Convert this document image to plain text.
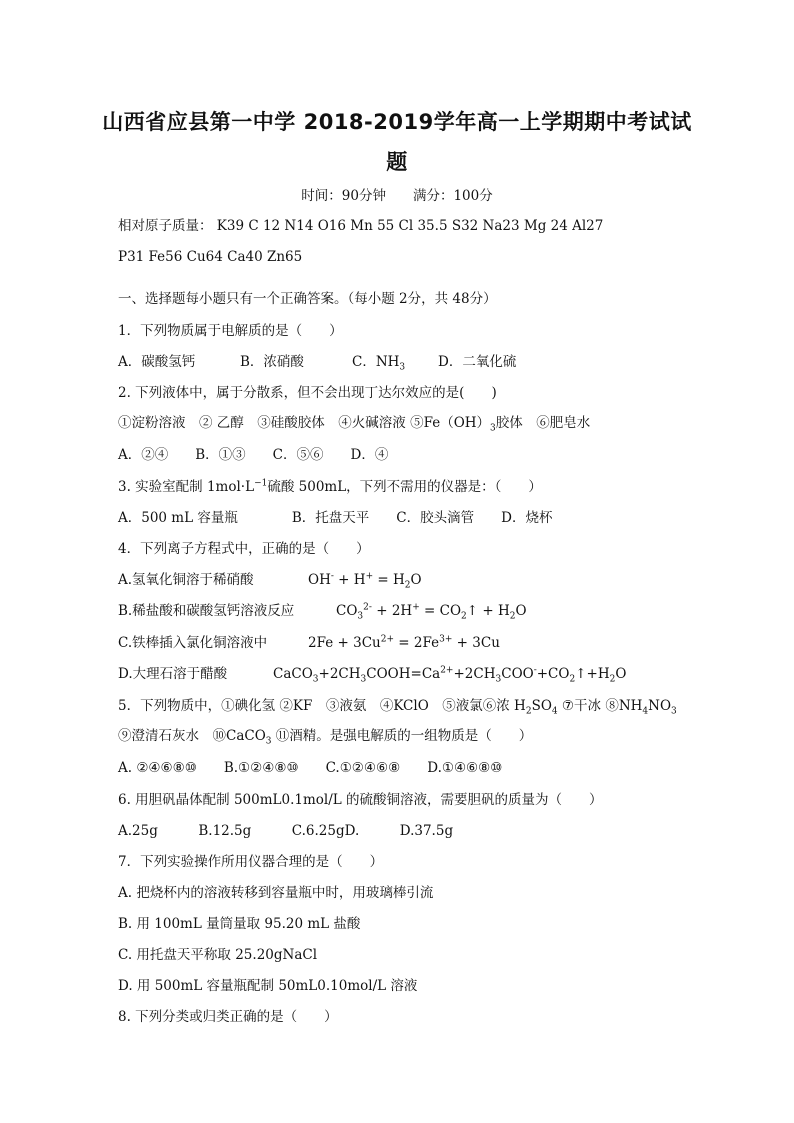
山西省应县第一中学 2018-2019学年高一上学期期中考试试
题
时间：90分钟　　满分：100分
相对原子质量： K39 C 12 N14 O16 Mn 55 Cl 35.5 S32 Na23 Mg 24 Al27
P31 Fe56 Cu64 Ca40 Zn65
一、选择题每小题只有一个正确答案。（每小题 2分，共 48分）
1．下列物质属于电解质的是（　　）
A．碳酸氢钙	B．浓硝酸	C．$NH_3$ D．二氧化硫
2. 下列液体中，属于分散系，但不会出现丁达尔效应的是(　　)
①淀粉溶液　② 乙醇　③硅酸胶体　④火碱溶液 $⑤Fe(OH)_3$胶体　⑥肥皂水
A．②④　　B．①③　　C．⑤⑥　　D．④
3. 实验室配制 $1mol\cdot L^{-1}$硫酸 500mL，下列不需用的仪器是：（　　）
A．500 mL 容量瓶　　　　B．托盘天平　　C．胶头滴管　　D．烧杯
4．下列离子方程式中，正确的是（　　）
A.氢氧化铜溶于稀硝酸	$OH^- + H^+ = H_2O$
B.稀盐酸和碳酸氢钙溶液反应	$CO_3^{2-} + 2H^+$ = $CO_2↑ + H_2O$
C.铁棒插入氯化铜溶液中	$2Fe + 3Cu^{2+} = 2Fe^{3+} + 3Cu$
D.大理石溶于醋酸	$CaCO_3+2CH_3COOH=Ca^{2+}+2CH_3COO^-+CO_2↑+H_2O$
5．下列物质中，①碘化氢 ②KF　③液氨　④KClO　⑤液氯⑥浓 $H_2SO_4$ ⑦干冰 $⑧NH_4NO_3$
⑨澄清石灰水　⑩CaCO$_3$ ⑪酒精。是强电解质的一组物质是（　　）
A. ②④⑥⑧⑩　　B.①②④⑧⑩　　C.①②④⑥⑧　　D.①④⑥⑧⑩
6. 用胆矾晶体配制 500mL0.1mol/L 的硫酸铜溶液，需要胆矾的质量为（　　）
A.25g　　　B.12.5g　　　C.6.25gD.　　　D.37.5g
7．下列实验操作所用仪器合理的是（　　）
A. 把烧杯内的溶液转移到容量瓶中时，用玻璃棒引流
B. 用 100mL 量筒量取 95.20 mL 盐酸
C. 用托盘天平称取 25.20gNaCl
D. 用 500mL 容量瓶配制 50mL0.10mol/L 溶液
8. 下列分类或归类正确的是（　　）
